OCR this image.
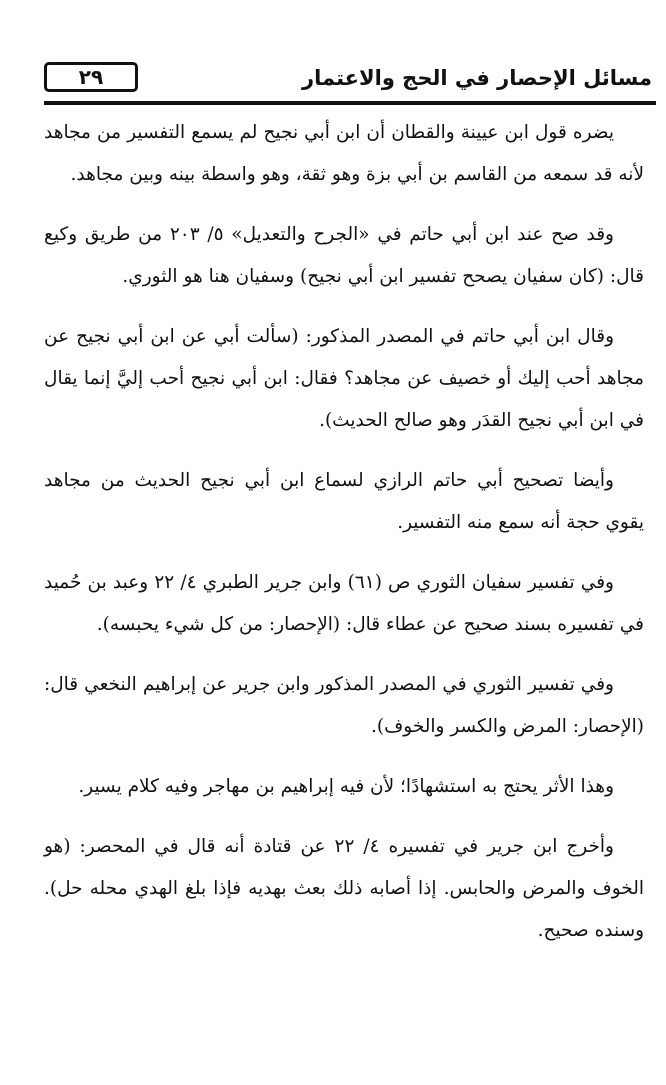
مسائل الإحصار في الحج والاعتمار
٢٩

يضره قول ابن عيينة والقطان أن ابن أبي نجيح لم يسمع التفسير من مجاهد لأنه قد سمعه من القاسم بن أبي بزة وهو ثقة، وهو واسطة بينه وبين مجاهد.

وقد صح عند ابن أبي حاتم في «الجرح والتعديل» ٥/ ٢٠٣ من طريق وكيع قال: (كان سفيان يصحح تفسير ابن أبي نجيح) وسفيان هنا هو الثوري.

وقال ابن أبي حاتم في المصدر المذكور: (سألت أبي عن ابن أبي نجيح عن مجاهد أحب إليك أو خصيف عن مجاهد؟ فقال: ابن أبي نجيح أحب إليَّ إنما يقال في ابن أبي نجيح القدَر وهو صالح الحديث).

وأيضا تصحيح أبي حاتم الرازي لسماع ابن أبي نجيح الحديث من مجاهد يقوي حجة أنه سمع منه التفسير.

وفي تفسير سفيان الثوري ص (٦١) وابن جرير الطبري ٤/ ٢٢ وعبد بن حُميد في تفسيره بسند صحيح عن عطاء قال: (الإحصار: من كل شيء يحبسه).

وفي تفسير الثوري في المصدر المذكور وابن جرير عن إبراهيم النخعي قال: (الإحصار: المرض والكسر والخوف).

وهذا الأثر يحتج به استشهادًا؛ لأن فيه إبراهيم بن مهاجر وفيه كلام يسير.

وأخرج ابن جرير في تفسيره ٤/ ٢٢ عن قتادة أنه قال في المحصر: (هو الخوف والمرض والحابس. إذا أصابه ذلك بعث بهديه فإذا بلغ الهدي محله حل). وسنده صحيح.
